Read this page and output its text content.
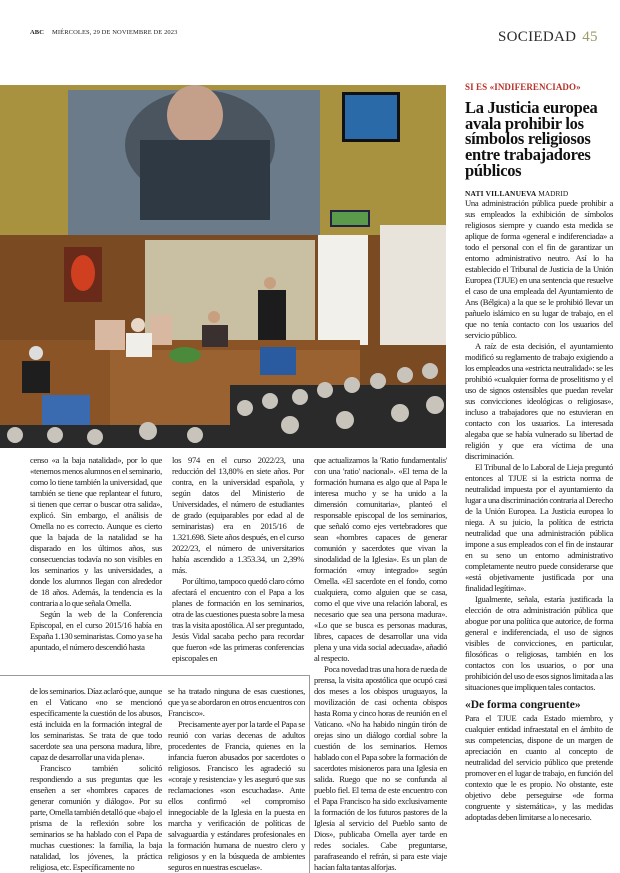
ABC MIÉRCOLES, 29 DE NOVIEMBRE DE 2023	SOCIEDAD 45

censo «a la baja natalidad», por lo que «tenemos menos alumnos en el seminario, como lo tiene también la universidad, que también se tiene que replantear el futuro, si tienen que cerrar o buscar otra salida», explicó. Sin embargo, el análisis de Omella no es correcto. Aunque es cierto que la bajada de la natalidad se ha disparado en los últimos años, sus consecuencias todavía no son visibles en los seminarios y las universidades, a donde los alumnos llegan con alrededor de 18 años. Además, la tendencia es la contraria a lo que señala Omella.

Según la web de la Conferencia Episcopal, en el curso 2015/16 había en España 1.130 seminaristas. Como ya se ha apuntado, el número descendió hasta

los 974 en el curso 2022/23, una reducción del 13,80% en siete años. Por contra, en la universidad española, y según datos del Ministerio de Universidades, el número de estudiantes de grado (equiparables por edad al de seminaristas) era en 2015/16 de 1.321.698. Siete años después, en el curso 2022/23, el número de universitarios había ascendido a 1.353.34, un 2,39% más.

Por último, tampoco quedó claro cómo afectará el encuentro con el Papa a los planes de formación en los seminarios, otra de las cuestiones puesta sobre la mesa tras la visita apostólica. Al ser preguntado, Jesús Vidal sacaba pecho para recordar que fueron «de las primeras conferencias episcopales en

que actualizamos la 'Ratio fundamentalis' con una 'ratio' nacional». «El tema de la formación humana es algo que al Papa le interesa mucho y se ha unido a la dimensión comunitaria», planteó el responsable episcopal de los seminarios, que señaló como ejes vertebradores que sean «hombres capaces de generar comunión y sacerdotes que vivan la sinodalidad de la Iglesia». Es un plan de formación «muy integrado» según Omella. «El sacerdote en el fondo, como cualquiera, como alguien que se casa, como el que vive una relación laboral, es necesario que sea una persona madura». «Lo que se busca es personas maduras, libres, capaces de desarrollar una vida plena y una vida social adecuada», añadió al respecto.

Poca novedad tras una hora de rueda de prensa, la visita apostólica que ocupó casi dos meses a los obispos uruguayos, la movilización de casi ochenta obispos hasta Roma y cinco horas de reunión en el Vaticano. «No ha habido ningún tirón de orejas sino un diálogo cordial sobre la cuestión de los seminarios. Hemos hablado con el Papa sobre la formación de sacerdotes misioneros para una Iglesia en salida. Ruego que no se confunda al pueblo fiel. El tema de este encuentro con el Papa Francisco ha sido exclusivamente la formación de los futuros pastores de la Iglesia al servicio del Pueblo santo de Dios», publicaba Omella ayer tarde en redes sociales. Cabe preguntarse, parafraseando el refrán, si para este viaje hacían falta tantas alforjas.

de los seminarios. Díaz aclaró que, aunque en el Vaticano «no se mencionó específicamente la cuestión de los abusos, está incluida en la formación integral de los seminaristas. Se trata de que todo sacerdote sea una persona madura, libre, capaz de desarrollar una vida plena».

Francisco también solicitó respondiendo a sus preguntas que les enseñen a ser «hombres capaces de generar comunión y diálogo». Por su parte, Omella también detalló que «bajo el prisma de la reflexión sobre los seminarios se ha hablado con el Papa de muchas cuestiones: la familia, la baja natalidad, los jóvenes, la práctica religiosa, etc. Específicamente no

se ha tratado ninguna de esas cuestiones, que ya se abordaron en otros encuentros con Francisco».

Precisamente ayer por la tarde el Papa se reunió con varias decenas de adultos procedentes de Francia, quienes en la infancia fueron abusados por sacerdotes o religiosos. Francisco les agradeció su «coraje y resistencia» y les aseguró que sus reclamaciones «son escuchadas». Ante ellos confirmó «el compromiso innegociable de la Iglesia en la puesta en marcha y verificación de políticas de salvaguardia y estándares profesionales en la formación humana de nuestro clero y religiosos y en la búsqueda de ambientes seguros en nuestras escuelas».

SI ES «INDIFERENCIADO»
La Justicia europea avala prohibir los símbolos religiosos entre trabajadores públicos
NATI VILLANUEVA MADRID

Una administración pública puede prohibir a sus empleados la exhibición de símbolos religiosos siempre y cuando esta medida se aplique de forma «general e indiferenciada» a todo el personal con el fin de garantizar un entorno administrativo neutro. Así lo ha establecido el Tribunal de Justicia de la Unión Europea (TJUE) en una sentencia que resuelve el caso de una empleada del Ayuntamiento de Ans (Bélgica) a la que se le prohibió llevar un pañuelo islámico en su lugar de trabajo, en el que no tenía contacto con los usuarios del servicio público.

A raíz de esta decisión, el ayuntamiento modificó su reglamento de trabajo exigiendo a los empleados una «estricta neutralidad»: se les prohibió «cualquier forma de proselitismo y el uso de signos ostensibles que puedan revelar sus convicciones ideológicas o religiosas», incluso a trabajadores que no estuvieran en contacto con los usuarios. La interesada alegaba que se había vulnerado su libertad de religión y que era víctima de una discriminación.

El Tribunal de lo Laboral de Lieja preguntó entonces al TJUE si la estricta norma de neutralidad impuesta por el ayuntamiento da lugar a una discriminación contraria al Derecho de la Unión Europea. La Justicia europea lo niega. A su juicio, la política de estricta neutralidad que una administración pública impone a sus empleados con el fin de instaurar en su seno un entorno administrativo completamente neutro puede considerarse que «está objetivamente justificada por una finalidad legítima».

Igualmente, señala, estaría justificada la elección de otra administración pública que abogue por una política que autorice, de forma general e indiferenciada, el uso de signos visibles de convicciones, en particular, filosóficas o religiosas, también en los contactos con los usuarios, o por una prohibición del uso de esos signos limitada a las situaciones que impliquen tales contactos.

«De forma congruente»

Para el TJUE cada Estado miembro, y cualquier entidad infraestatal en el ámbito de sus competencias, dispone de un margen de apreciación en cuanto al concepto de neutralidad del servicio público que pretende promover en el lugar de trabajo, en función del contexto que le es propio. No obstante, este objetivo debe perseguirse «de forma congruente y sistemática», y las medidas adoptadas deben limitarse a lo necesario.
